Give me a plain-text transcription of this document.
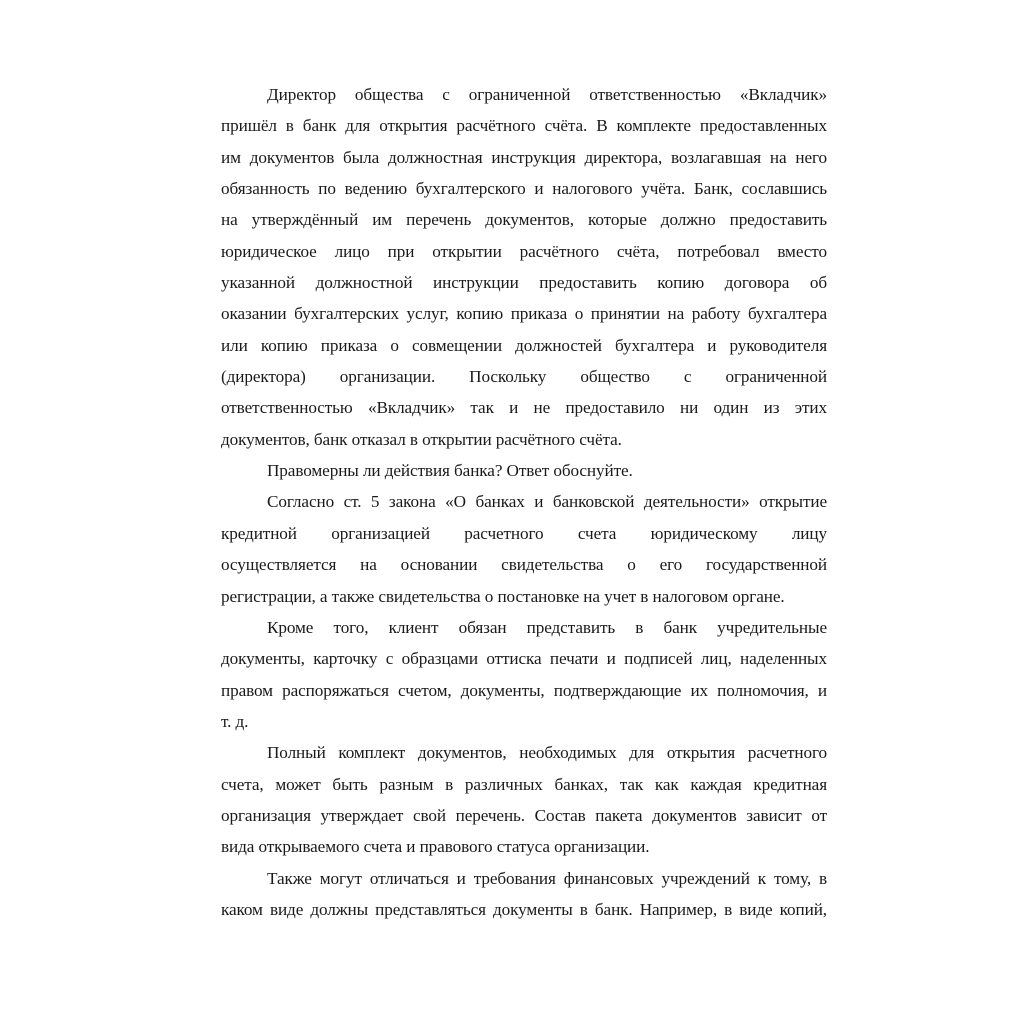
Директор общества с ограниченной ответственностью «Вкладчик»
пришёл в банк для открытия расчётного счёта. В комплекте предоставленных
им документов была должностная инструкция директора, возлагавшая на него
обязанность по ведению бухгалтерского и налогового учёта. Банк, сославшись
на утверждённый им перечень документов, которые должно предоставить
юридическое лицо при открытии расчётного счёта, потребовал вместо
указанной должностной инструкции предоставить копию договора об
оказании бухгалтерских услуг, копию приказа о принятии на работу бухгалтера
или копию приказа о совмещении должностей бухгалтера и руководителя
(директора) организации. Поскольку общество с ограниченной
ответственностью «Вкладчик» так и не предоставило ни один из этих
документов, банк отказал в открытии расчётного счёта.
Правомерны ли действия банка? Ответ обоснуйте.
Согласно ст. 5 закона «О банках и банковской деятельности» открытие
кредитной организацией расчетного счета юридическому лицу
осуществляется на основании свидетельства о его государственной
регистрации, а также свидетельства о постановке на учет в налоговом органе.
Кроме того, клиент обязан представить в банк учредительные
документы, карточку с образцами оттиска печати и подписей лиц, наделенных
правом распоряжаться счетом, документы, подтверждающие их полномочия, и
т. д.
Полный комплект документов, необходимых для открытия расчетного
счета, может быть разным в различных банках, так как каждая кредитная
организация утверждает свой перечень. Состав пакета документов зависит от
вида открываемого счета и правового статуса организации.
Также могут отличаться и требования финансовых учреждений к тому, в
каком виде должны представляться документы в банк. Например, в виде копий,
